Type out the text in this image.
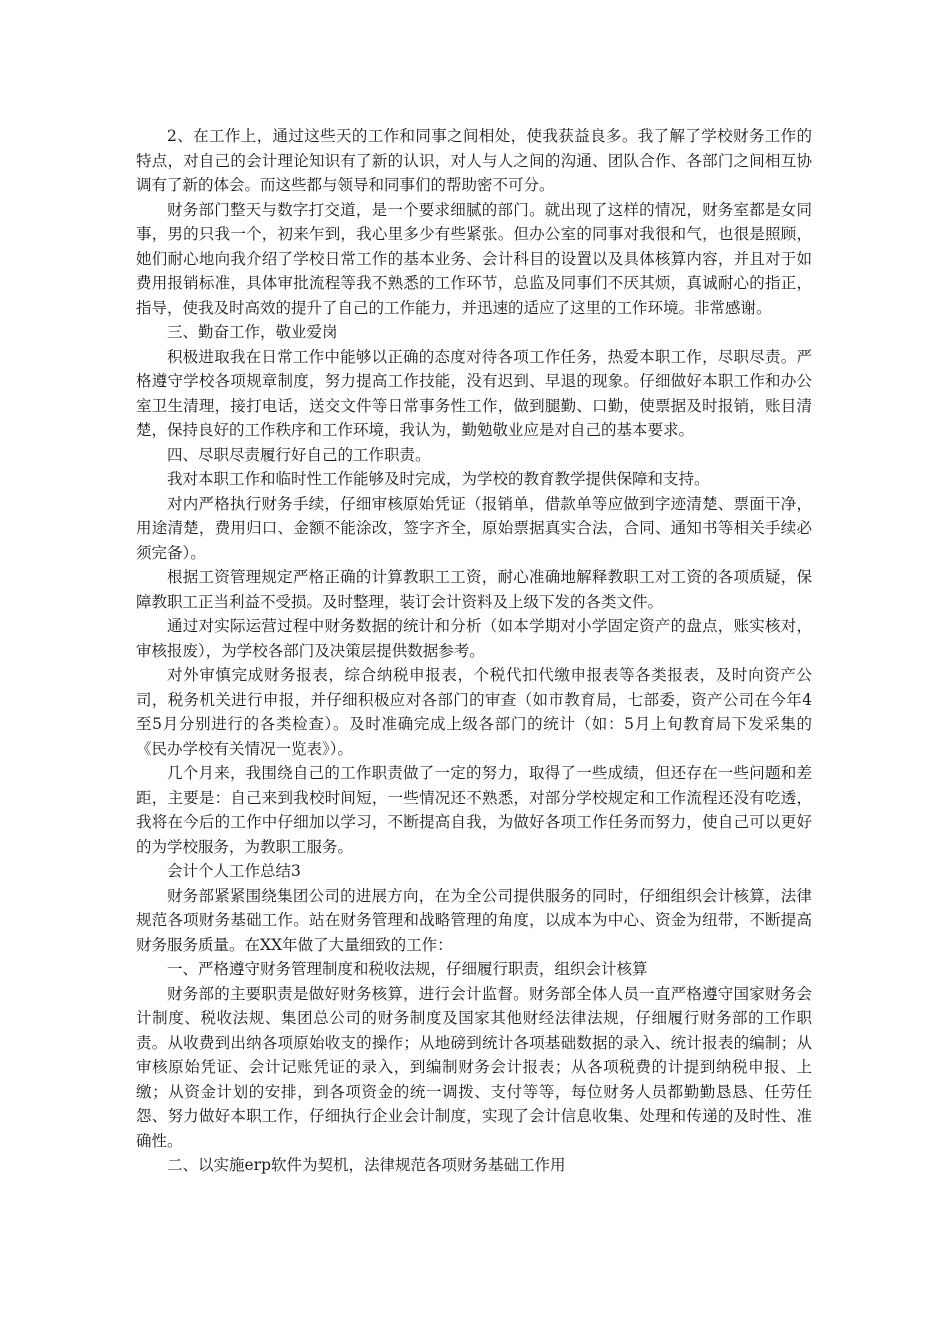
2、在工作上，通过这些天的工作和同事之间相处，使我获益良多。我了解了学校财务工作的特点，对自己的会计理论知识有了新的认识，对人与人之间的沟通、团队合作、各部门之间相互协调有了新的体会。而这些都与领导和同事们的帮助密不可分。

财务部门整天与数字打交道，是一个要求细腻的部门。就出现了这样的情况，财务室都是女同事，男的只我一个，初来乍到，我心里多少有些紧张。但办公室的同事对我很和气，也很是照顾，她们耐心地向我介绍了学校日常工作的基本业务、会计科目的设置以及具体核算内容，并且对于如费用报销标准，具体审批流程等我不熟悉的工作环节，总监及同事们不厌其烦，真诚耐心的指正，指导，使我及时高效的提升了自己的工作能力，并迅速的适应了这里的工作环境。非常感谢。

三、勤奋工作，敬业爱岗

积极进取我在日常工作中能够以正确的态度对待各项工作任务，热爱本职工作，尽职尽责。严格遵守学校各项规章制度，努力提高工作技能，没有迟到、早退的现象。仔细做好本职工作和办公室卫生清理，接打电话，送交文件等日常事务性工作，做到腿勤、口勤，使票据及时报销，账目清楚，保持良好的工作秩序和工作环境，我认为，勤勉敬业应是对自己的基本要求。

四、尽职尽责履行好自己的工作职责。

我对本职工作和临时性工作能够及时完成，为学校的教育教学提供保障和支持。

对内严格执行财务手续，仔细审核原始凭证（报销单，借款单等应做到字迹清楚、票面干净，用途清楚，费用归口、金额不能涂改，签字齐全，原始票据真实合法，合同、通知书等相关手续必须完备）。

根据工资管理规定严格正确的计算教职工工资，耐心准确地解释教职工对工资的各项质疑，保障教职工正当利益不受损。及时整理，装订会计资料及上级下发的各类文件。

通过对实际运营过程中财务数据的统计和分析（如本学期对小学固定资产的盘点，账实核对，审核报废），为学校各部门及决策层提供数据参考。

对外审慎完成财务报表，综合纳税申报表，个税代扣代缴申报表等各类报表，及时向资产公司，税务机关进行申报，并仔细积极应对各部门的审查（如市教育局，七部委，资产公司在今年4至5月分别进行的各类检查）。及时准确完成上级各部门的统计（如：5月上旬教育局下发采集的《民办学校有关情况一览表》）。

几个月来，我围绕自己的工作职责做了一定的努力，取得了一些成绩，但还存在一些问题和差距，主要是：自己来到我校时间短，一些情况还不熟悉，对部分学校规定和工作流程还没有吃透，我将在今后的工作中仔细加以学习，不断提高自我，为做好各项工作任务而努力，使自己可以更好的为学校服务，为教职工服务。

会计个人工作总结3

财务部紧紧围绕集团公司的进展方向，在为全公司提供服务的同时，仔细组织会计核算，法律规范各项财务基础工作。站在财务管理和战略管理的角度，以成本为中心、资金为纽带，不断提高财务服务质量。在XX年做了大量细致的工作：

一、严格遵守财务管理制度和税收法规，仔细履行职责，组织会计核算

财务部的主要职责是做好财务核算，进行会计监督。财务部全体人员一直严格遵守国家财务会计制度、税收法规、集团总公司的财务制度及国家其他财经法律法规，仔细履行财务部的工作职责。从收费到出纳各项原始收支的操作；从地磅到统计各项基础数据的录入、统计报表的编制；从审核原始凭证、会计记账凭证的录入，到编制财务会计报表；从各项税费的计提到纳税申报、上缴；从资金计划的安排，到各项资金的统一调拨、支付等等，每位财务人员都勤勤恳恳、任劳任怨、努力做好本职工作，仔细执行企业会计制度，实现了会计信息收集、处理和传递的及时性、准确性。

二、以实施erp软件为契机，法律规范各项财务基础工作用
